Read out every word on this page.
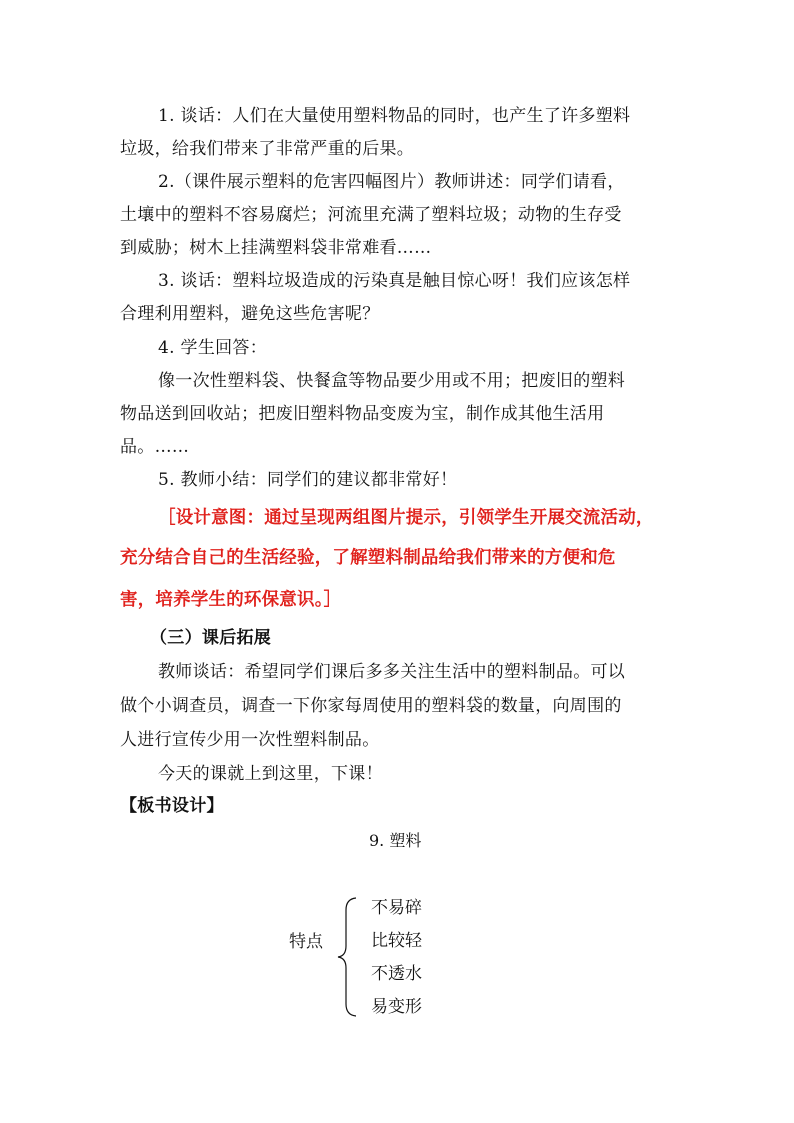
1. 谈话：人们在大量使用塑料物品的同时，也产生了许多塑料
垃圾，给我们带来了非常严重的后果。
2.（课件展示塑料的危害四幅图片）教师讲述：同学们请看，
土壤中的塑料不容易腐烂；河流里充满了塑料垃圾；动物的生存受
到威胁；树木上挂满塑料袋非常难看……
3. 谈话：塑料垃圾造成的污染真是触目惊心呀！我们应该怎样
合理利用塑料，避免这些危害呢？
4. 学生回答：
像一次性塑料袋、快餐盒等物品要少用或不用；把废旧的塑料
物品送到回收站；把废旧塑料物品变废为宝，制作成其他生活用
品。……
5. 教师小结：同学们的建议都非常好！
［设计意图：通过呈现两组图片提示，引领学生开展交流活动，
充分结合自己的生活经验，了解塑料制品给我们带来的方便和危
害，培养学生的环保意识。］
（三）课后拓展
教师谈话：希望同学们课后多多关注生活中的塑料制品。可以
做个小调查员，调查一下你家每周使用的塑料袋的数量，向周围的
人进行宣传少用一次性塑料制品。
今天的课就上到这里，下课！
【板书设计】
9. 塑料
特点
不易碎
比较轻
不透水
易变形
